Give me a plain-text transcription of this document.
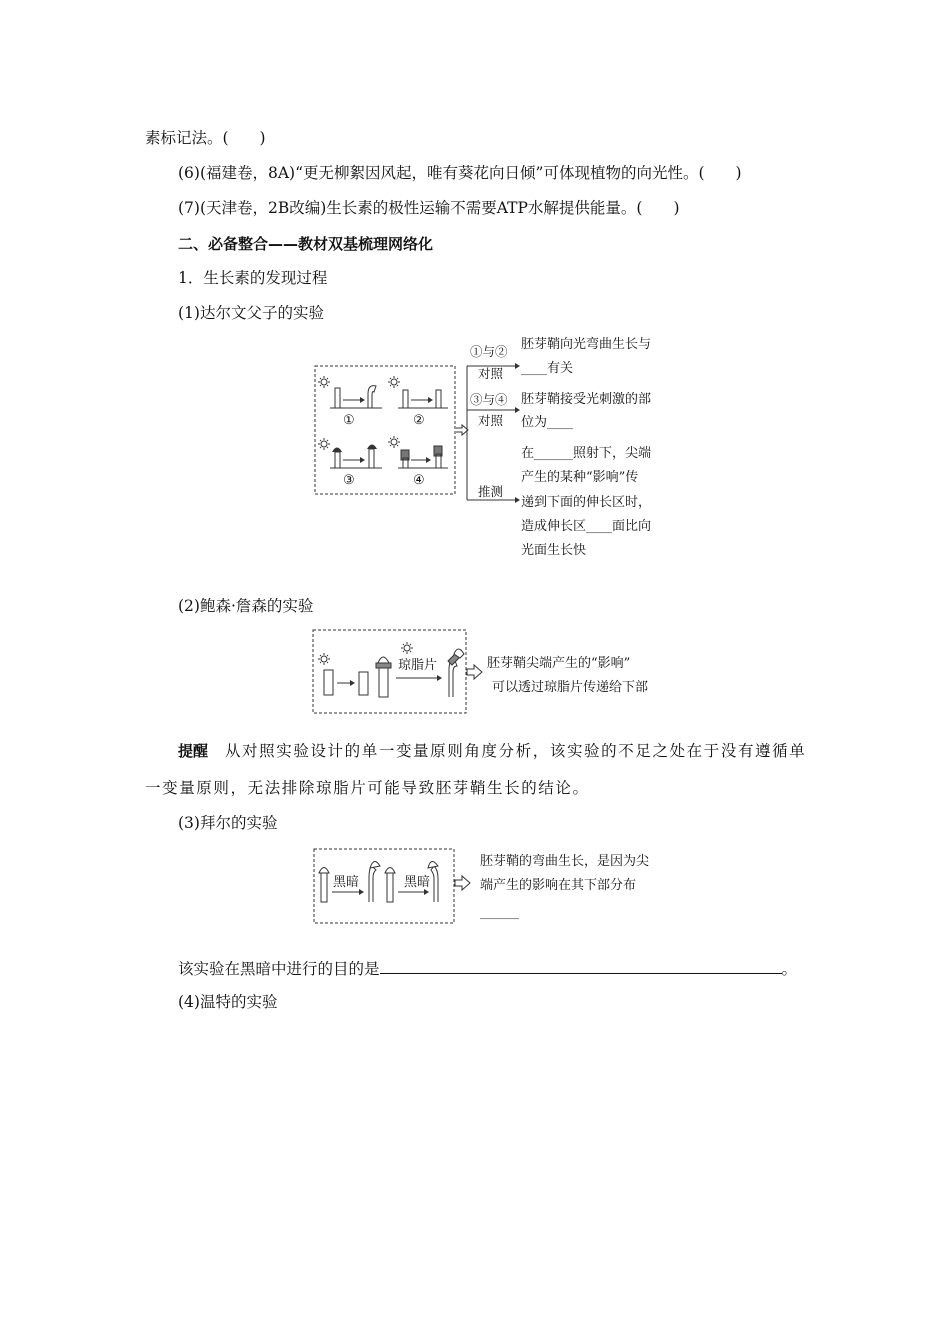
素标记法。(　　)
(6)(福建卷，8A)“更无柳絮因风起，唯有葵花向日倾”可体现植物的向光性。(　　)
(7)(天津卷，2B改编)生长素的极性运输不需要ATP水解提供能量。(　　)
二、必备整合——教材双基梳理网络化
1．生长素的发现过程
(1)达尔文父子的实验
①	②
③	④
①与②
对照
③与④
对照
推测
胚芽鞘向光弯曲生长与
____有关
胚芽鞘接受光刺激的部
位为____
在______照射下，尖端
产生的某种“影响”传
递到下面的伸长区时，
造成伸长区____面比向
光面生长快
(2)鲍森·詹森的实验
琼脂片	胚芽鞘尖端产生的“影响”
可以透过琼脂片传递给下部
提醒 从对照实验设计的单一变量原则角度分析，该实验的不足之处在于没有遵循单
一变量原则，无法排除琼脂片可能导致胚芽鞘生长的结论。
(3)拜尔的实验
黑暗	黑暗
胚芽鞘的弯曲生长，是因为尖
端产生的影响在其下部分布
______
该实验在黑暗中进行的目的是	。
(4)温特的实验
